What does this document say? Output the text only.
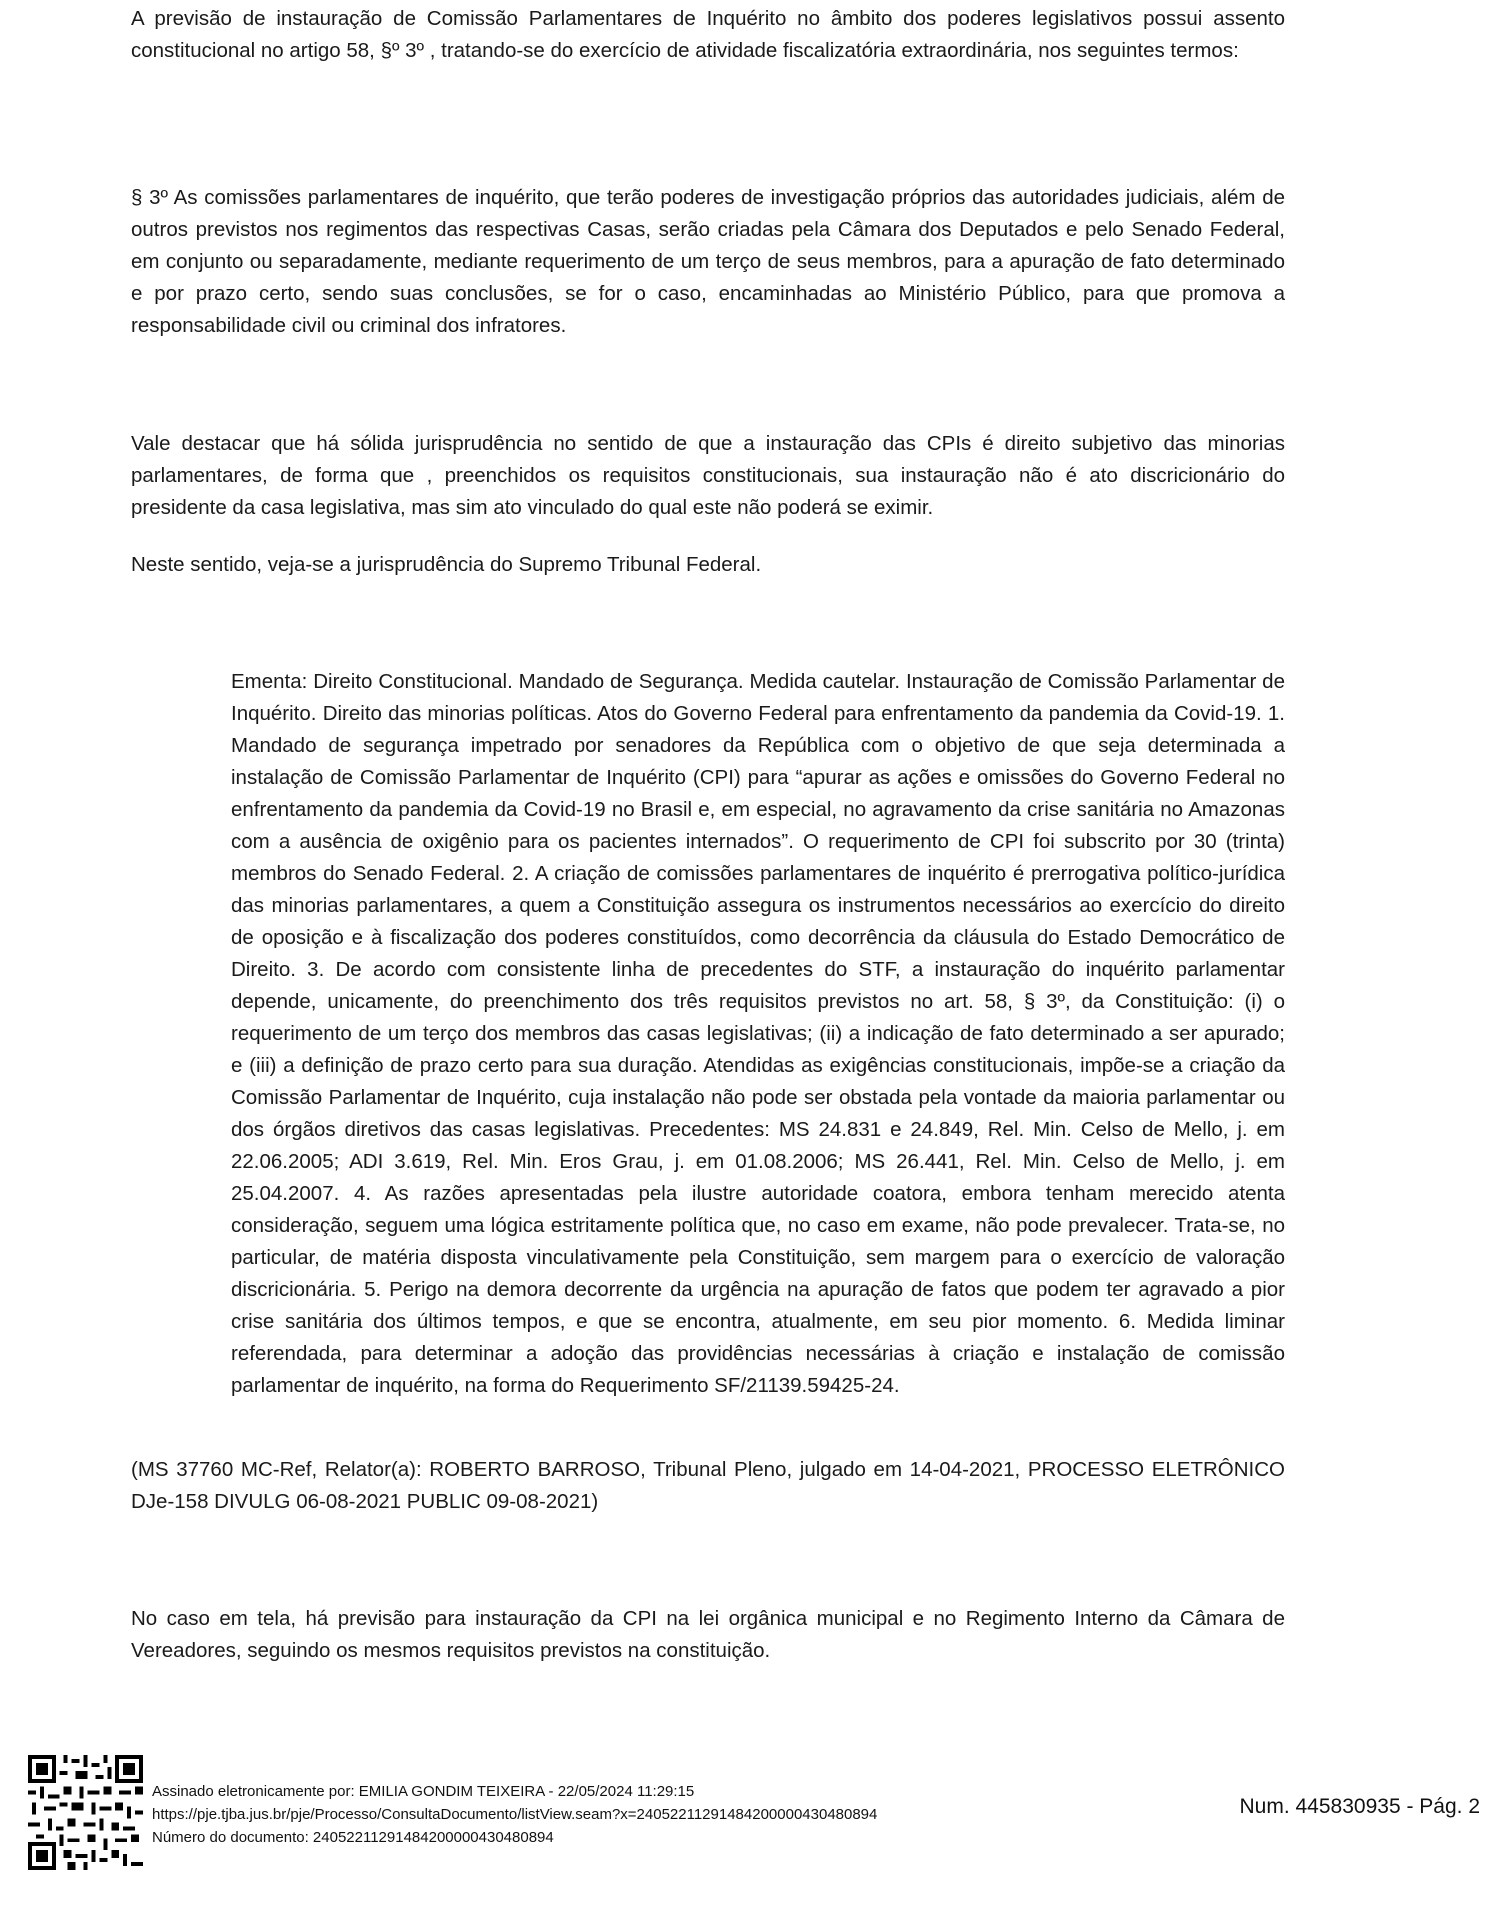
A previsão de instauração de Comissão Parlamentares de Inquérito no âmbito dos poderes legislativos possui assento constitucional no artigo 58, §º 3º , tratando-se do exercício de atividade fiscalizatória extraordinária, nos seguintes termos:

§ 3º As comissões parlamentares de inquérito, que terão poderes de investigação próprios das autoridades judiciais, além de outros previstos nos regimentos das respectivas Casas, serão criadas pela Câmara dos Deputados e pelo Senado Federal, em conjunto ou separadamente, mediante requerimento de um terço de seus membros, para a apuração de fato determinado e por prazo certo, sendo suas conclusões, se for o caso, encaminhadas ao Ministério Público, para que promova a responsabilidade civil ou criminal dos infratores.

Vale destacar que há sólida jurisprudência no sentido de que a instauração das CPIs é direito subjetivo das minorias parlamentares, de forma que , preenchidos os requisitos constitucionais, sua instauração não é ato discricionário do presidente da casa legislativa, mas sim ato vinculado do qual este não poderá se eximir.

Neste sentido, veja-se a jurisprudência do Supremo Tribunal Federal.

Ementa: Direito Constitucional. Mandado de Segurança. Medida cautelar. Instauração de Comissão Parlamentar de Inquérito. Direito das minorias políticas. Atos do Governo Federal para enfrentamento da pandemia da Covid-19. 1. Mandado de segurança impetrado por senadores da República com o objetivo de que seja determinada a instalação de Comissão Parlamentar de Inquérito (CPI) para “apurar as ações e omissões do Governo Federal no enfrentamento da pandemia da Covid-19 no Brasil e, em especial, no agravamento da crise sanitária no Amazonas com a ausência de oxigênio para os pacientes internados”. O requerimento de CPI foi subscrito por 30 (trinta) membros do Senado Federal. 2. A criação de comissões parlamentares de inquérito é prerrogativa político-jurídica das minorias parlamentares, a quem a Constituição assegura os instrumentos necessários ao exercício do direito de oposição e à fiscalização dos poderes constituídos, como decorrência da cláusula do Estado Democrático de Direito. 3. De acordo com consistente linha de precedentes do STF, a instauração do inquérito parlamentar depende, unicamente, do preenchimento dos três requisitos previstos no art. 58, § 3º, da Constituição: (i) o requerimento de um terço dos membros das casas legislativas; (ii) a indicação de fato determinado a ser apurado; e (iii) a definição de prazo certo para sua duração. Atendidas as exigências constitucionais, impõe-se a criação da Comissão Parlamentar de Inquérito, cuja instalação não pode ser obstada pela vontade da maioria parlamentar ou dos órgãos diretivos das casas legislativas. Precedentes: MS 24.831 e 24.849, Rel. Min. Celso de Mello, j. em 22.06.2005; ADI 3.619, Rel. Min. Eros Grau, j. em 01.08.2006; MS 26.441, Rel. Min. Celso de Mello, j. em 25.04.2007. 4. As razões apresentadas pela ilustre autoridade coatora, embora tenham merecido atenta consideração, seguem uma lógica estritamente política que, no caso em exame, não pode prevalecer. Trata-se, no particular, de matéria disposta vinculativamente pela Constituição, sem margem para o exercício de valoração discricionária. 5. Perigo na demora decorrente da urgência na apuração de fatos que podem ter agravado a pior crise sanitária dos últimos tempos, e que se encontra, atualmente, em seu pior momento. 6. Medida liminar referendada, para determinar a adoção das providências necessárias à criação e instalação de comissão parlamentar de inquérito, na forma do Requerimento SF/21139.59425-24.

(MS 37760 MC-Ref, Relator(a): ROBERTO BARROSO, Tribunal Pleno, julgado em 14-04-2021, PROCESSO ELETRÔNICO DJe-158 DIVULG 06-08-2021 PUBLIC 09-08-2021)

No caso em tela, há previsão para instauração da CPI na lei orgânica municipal e no Regimento Interno da Câmara de Vereadores, seguindo os mesmos requisitos previstos na constituição.

Assinado eletronicamente por: EMILIA GONDIM TEIXEIRA - 22/05/2024 11:29:15
https://pje.tjba.jus.br/pje/Processo/ConsultaDocumento/listView.seam?x=24052211291484200000430480894
Número do documento: 24052211291484200000430480894
Num. 445830935 - Pág. 2
